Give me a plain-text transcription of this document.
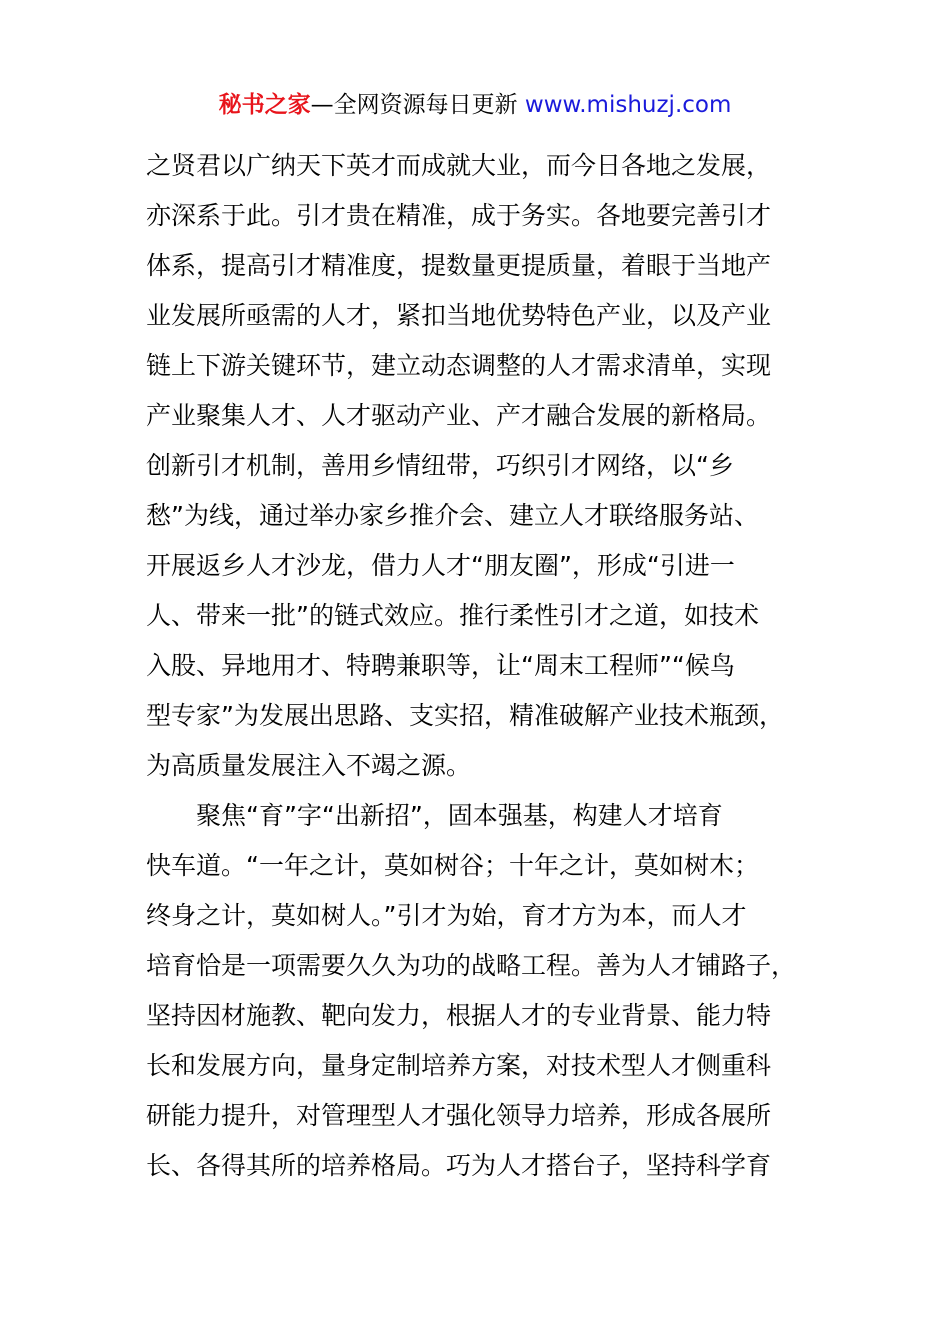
秘书之家—全网资源每日更新 www.mishuzj.com
之贤君以广纳天下英才而成就大业，而今日各地之发展，
亦深系于此。引才贵在精准，成于务实。各地要完善引才
体系，提高引才精准度，提数量更提质量，着眼于当地产
业发展所亟需的人才，紧扣当地优势特色产业，以及产业
链上下游关键环节，建立动态调整的人才需求清单，实现
产业聚集人才、人才驱动产业、产才融合发展的新格局。
创新引才机制，善用乡情纽带，巧织引才网络，以“乡
愁”为线，通过举办家乡推介会、建立人才联络服务站、
开展返乡人才沙龙，借力人才“朋友圈”，形成“引进一
人、带来一批”的链式效应。推行柔性引才之道，如技术
入股、异地用才、特聘兼职等，让“周末工程师”“候鸟
型专家”为发展出思路、支实招，精准破解产业技术瓶颈，
为高质量发展注入不竭之源。
聚焦“育”字“出新招”，固本强基，构建人才培育
快车道。“一年之计，莫如树谷；十年之计，莫如树木；
终身之计，莫如树人。”引才为始，育才方为本，而人才
培育恰是一项需要久久为功的战略工程。善为人才铺路子，
坚持因材施教、靶向发力，根据人才的专业背景、能力特
长和发展方向，量身定制培养方案，对技术型人才侧重科
研能力提升，对管理型人才强化领导力培养，形成各展所
长、各得其所的培养格局。巧为人才搭台子，坚持科学育
